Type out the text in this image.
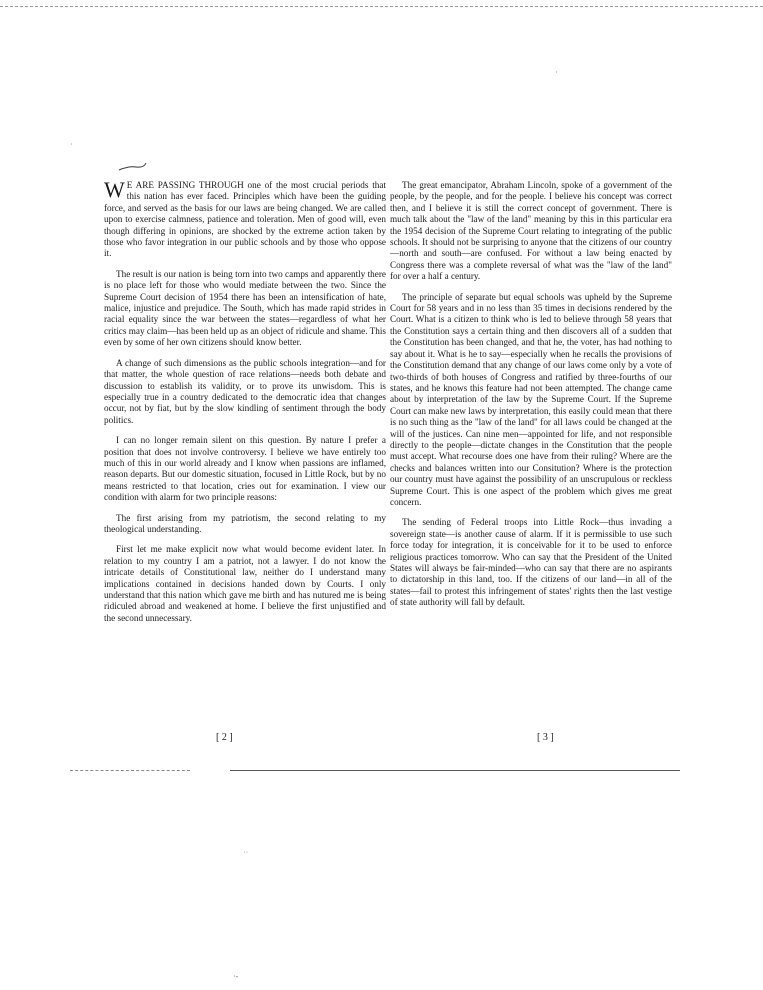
W E ARE PASSING THROUGH one of the most crucial periods that this nation has ever faced. Principles which have been the guiding force, and served as the basis for our laws are being changed. We are called upon to exercise calmness, patience and toleration. Men of good will, even though differing in opinions, are shocked by the extreme action taken by those who favor integration in our public schools and by those who oppose it.

The result is our nation is being torn into two camps and apparently there is no place left for those who would mediate between the two. Since the Supreme Court decision of 1954 there has been an intensification of hate, malice, injustice and prejudice. The South, which has made rapid strides in racial equality since the war between the states—regardless of what her critics may claim—has been held up as an object of ridicule and shame. This even by some of her own citizens should know better.

A change of such dimensions as the public schools integration—and for that matter, the whole question of race relations—needs both debate and discussion to establish its validity, or to prove its unwisdom. This is especially true in a country dedicated to the democratic idea that changes occur, not by fiat, but by the slow kindling of sentiment through the body politics.

I can no longer remain silent on this question. By nature I prefer a position that does not involve controversy. I believe we have entirely too much of this in our world already and I know when passions are inflamed, reason departs. But our domestic situation, focused in Little Rock, but by no means restricted to that location, cries out for examination. I view our condition with alarm for two principle reasons:

The first arising from my patriotism, the second relating to my theological understanding.

First let me make explicit now what would become evident later. In relation to my country I am a patriot, not a lawyer. I do not know the intricate details of Constitutional law, neither do I understand many implications contained in decisions handed down by Courts. I only understand that this nation which gave me birth and has nutured me is being ridiculed abroad and weakened at home. I believe the first unjustified and the second unnecessary.

The great emancipator, Abraham Lincoln, spoke of a government of the people, by the people, and for the people. I believe his concept was correct then, and I believe it is still the correct concept of government. There is much talk about the "law of the land" meaning by this in this particular era the 1954 decision of the Supreme Court relating to integrating of the public schools. It should not be surprising to anyone that the citizens of our country—north and south—are confused. For without a law being enacted by Congress there was a complete reversal of what was the "law of the land" for over a half a century.

The principle of separate but equal schools was upheld by the Supreme Court for 58 years and in no less than 35 times in decisions rendered by the Court. What is a citizen to think who is led to believe through 58 years that the Constitution says a certain thing and then discovers all of a sudden that the Constitution has been changed, and that he, the voter, has had nothing to say about it. What is he to say—especially when he recalls the provisions of the Constitution demand that any change of our laws come only by a vote of two-thirds of both houses of Congress and ratified by three-fourths of our states, and he knows this feature had not been attempted. The change came about by interpretation of the law by the Supreme Court. If the Supreme Court can make new laws by interpretation, this easily could mean that there is no such thing as the "law of the land" for all laws could be changed at the will of the justices. Can nine men—appointed for life, and not responsible directly to the people—dictate changes in the Constitution that the people must accept. What recourse does one have from their ruling? Where are the checks and balances written into our Consitution? Where is the protection our country must have against the possibility of an unscrupulous or reckless Supreme Court. This is one aspect of the problem which gives me great concern.

The sending of Federal troops into Little Rock—thus invading a sovereign state—is another cause of alarm. If it is permissible to use such force today for integration, it is conceivable for it to be used to enforce religious practices tomorrow. Who can say that the President of the United States will always be fair-minded—who can say that there are no aspirants to dictatorship in this land, too. If the citizens of our land—in all of the states—fail to protest this infringement of states' rights then the last vestige of state authority will fall by default.

[ 2 ]	[ 3 ]
·
·
˙˙
·‐
